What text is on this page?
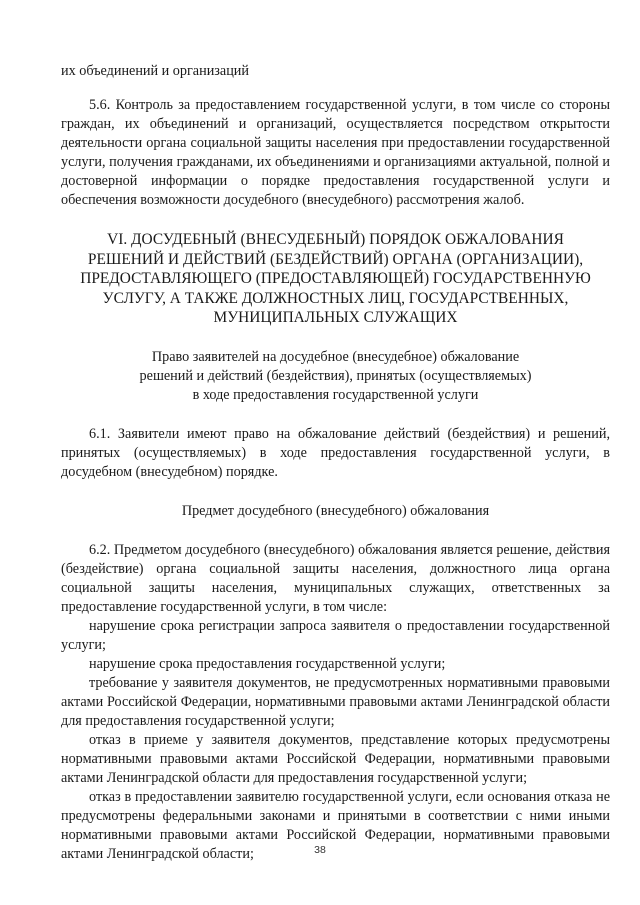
их объединений и организаций

5.6. Контроль за предоставлением государственной услуги, в том числе со стороны граждан, их объединений и организаций, осуществляется посредством открытости деятельности органа социальной защиты населения при предоставлении государственной услуги, получения гражданами, их объединениями и организациями актуальной, полной и достоверной информации о порядке предоставления государственной услуги и обеспечения возможности досудебного (внесудебного) рассмотрения жалоб.

VI. ДОСУДЕБНЫЙ (ВНЕСУДЕБНЫЙ) ПОРЯДОК ОБЖАЛОВАНИЯ РЕШЕНИЙ И ДЕЙСТВИЙ (БЕЗДЕЙСТВИЙ) ОРГАНА (ОРГАНИЗАЦИИ), ПРЕДОСТАВЛЯЮЩЕГО (ПРЕДОСТАВЛЯЮЩЕЙ) ГОСУДАРСТВЕННУЮ УСЛУГУ, А ТАКЖЕ ДОЛЖНОСТНЫХ ЛИЦ, ГОСУДАРСТВЕННЫХ, МУНИЦИПАЛЬНЫХ СЛУЖАЩИХ

Право заявителей на досудебное (внесудебное) обжалование

решений и действий (бездействия), принятых (осуществляемых)

в ходе предоставления государственной услуги

6.1. Заявители имеют право на обжалование действий (бездействия) и решений, принятых (осуществляемых) в ходе предоставления государственной услуги, в досудебном (внесудебном) порядке.

Предмет досудебного (внесудебного) обжалования

6.2. Предметом досудебного (внесудебного) обжалования является решение, действия (бездействие) органа социальной защиты населения, должностного лица органа социальной защиты населения, муниципальных служащих, ответственных за предоставление государственной услуги, в том числе:

нарушение срока регистрации запроса заявителя о предоставлении государственной услуги;

нарушение срока предоставления государственной услуги;

требование у заявителя документов, не предусмотренных нормативными правовыми актами Российской Федерации, нормативными правовыми актами Ленинградской области для предоставления государственной услуги;

отказ в приеме у заявителя документов, представление которых предусмотрены нормативными правовыми актами Российской Федерации, нормативными правовыми актами Ленинградской области для предоставления государственной услуги;

отказ в предоставлении заявителю государственной услуги, если основания отказа не предусмотрены федеральными законами и принятыми в соответствии с ними иными нормативными правовыми актами Российской Федерации, нормативными правовыми актами Ленинградской области;	38
